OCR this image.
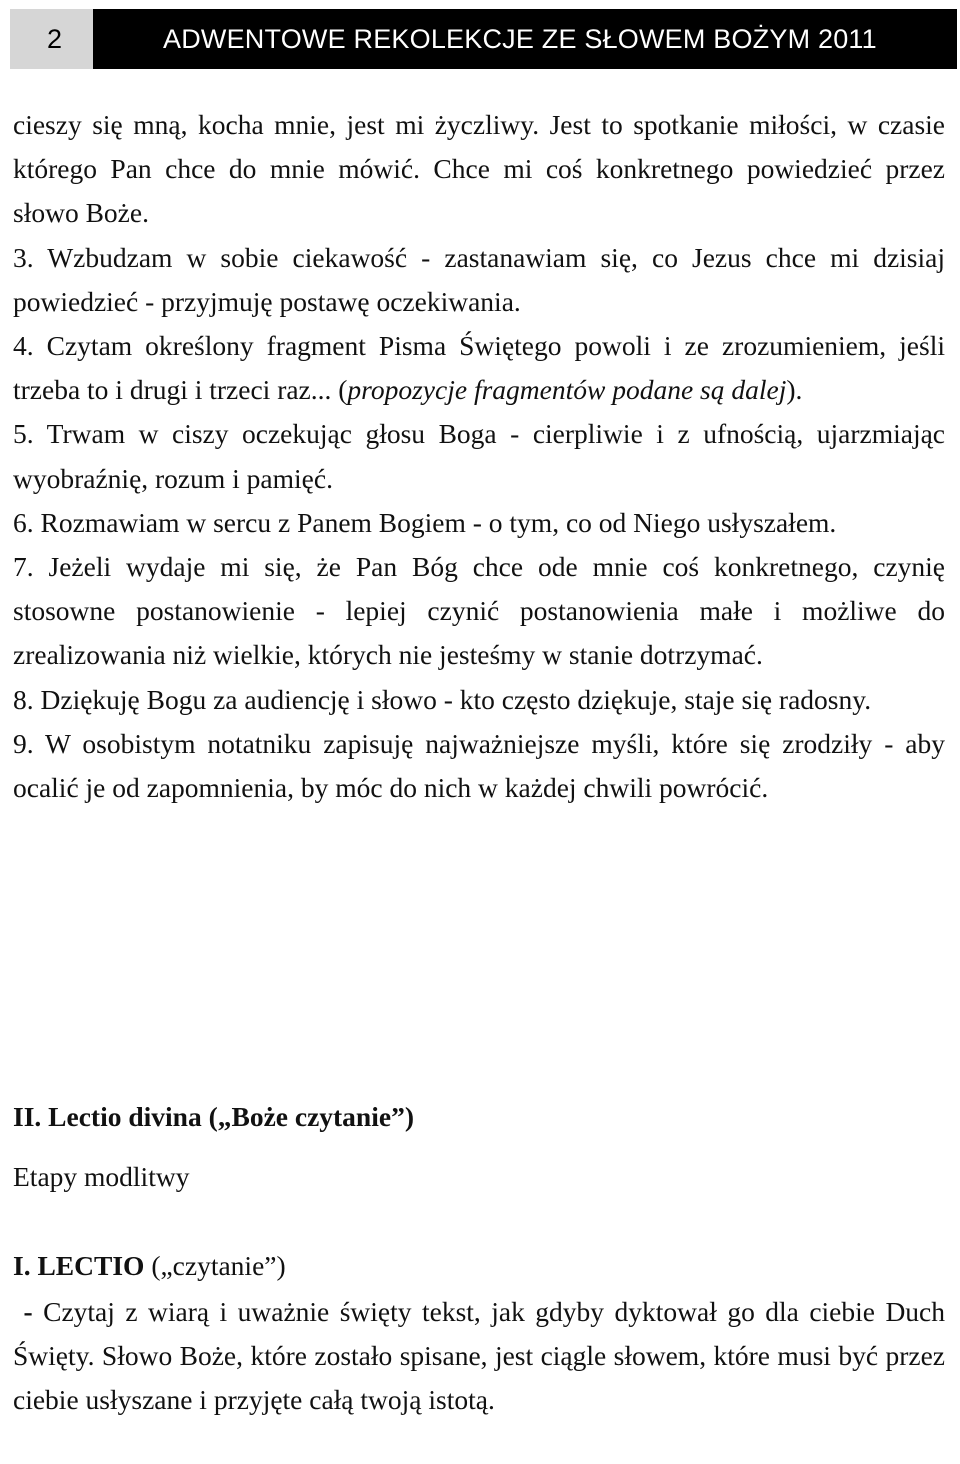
2	ADWENTOWE REKOLEKCJE ZE SŁOWEM BOŻYM 2011

cieszy się mną, kocha mnie, jest mi życzliwy. Jest to spotkanie miłości, w czasie którego Pan chce do mnie mówić. Chce mi coś konkretnego powiedzieć przez słowo Boże.

3. Wzbudzam w sobie ciekawość - zastanawiam się, co Jezus chce mi dzisiaj powiedzieć - przyjmuję postawę oczekiwania.

4. Czytam określony fragment Pisma Świętego powoli i ze zrozumieniem, jeśli trzeba to i drugi i trzeci raz... (propozycje fragmentów podane są dalej).

5. Trwam w ciszy oczekując głosu Boga - cierpliwie i z ufnością, ujarzmiając wyobraźnię, rozum i pamięć.

6. Rozmawiam w sercu z Panem Bogiem - o tym, co od Niego usłyszałem.

7. Jeżeli wydaje mi się, że Pan Bóg chce ode mnie coś konkretnego, czynię stosowne postanowienie - lepiej czynić postanowienia małe i możliwe do zrealizowania niż wielkie, których nie jesteśmy w stanie dotrzymać.

8. Dziękuję Bogu za audiencję i słowo - kto często dziękuje, staje się radosny.

9. W osobistym notatniku zapisuję najważniejsze myśli, które się zrodziły - aby ocalić je od zapomnienia, by móc do nich w każdej chwili powrócić.

II. Lectio divina („Boże czytanie”)
Etapy modlitwy
I. LECTIO („czytanie”)
- Czytaj z wiarą i uważnie święty tekst, jak gdyby dyktował go dla ciebie Duch Święty. Słowo Boże, które zostało spisane, jest ciągle słowem, które musi być przez ciebie usłyszane i przyjęte całą twoją istotą.
